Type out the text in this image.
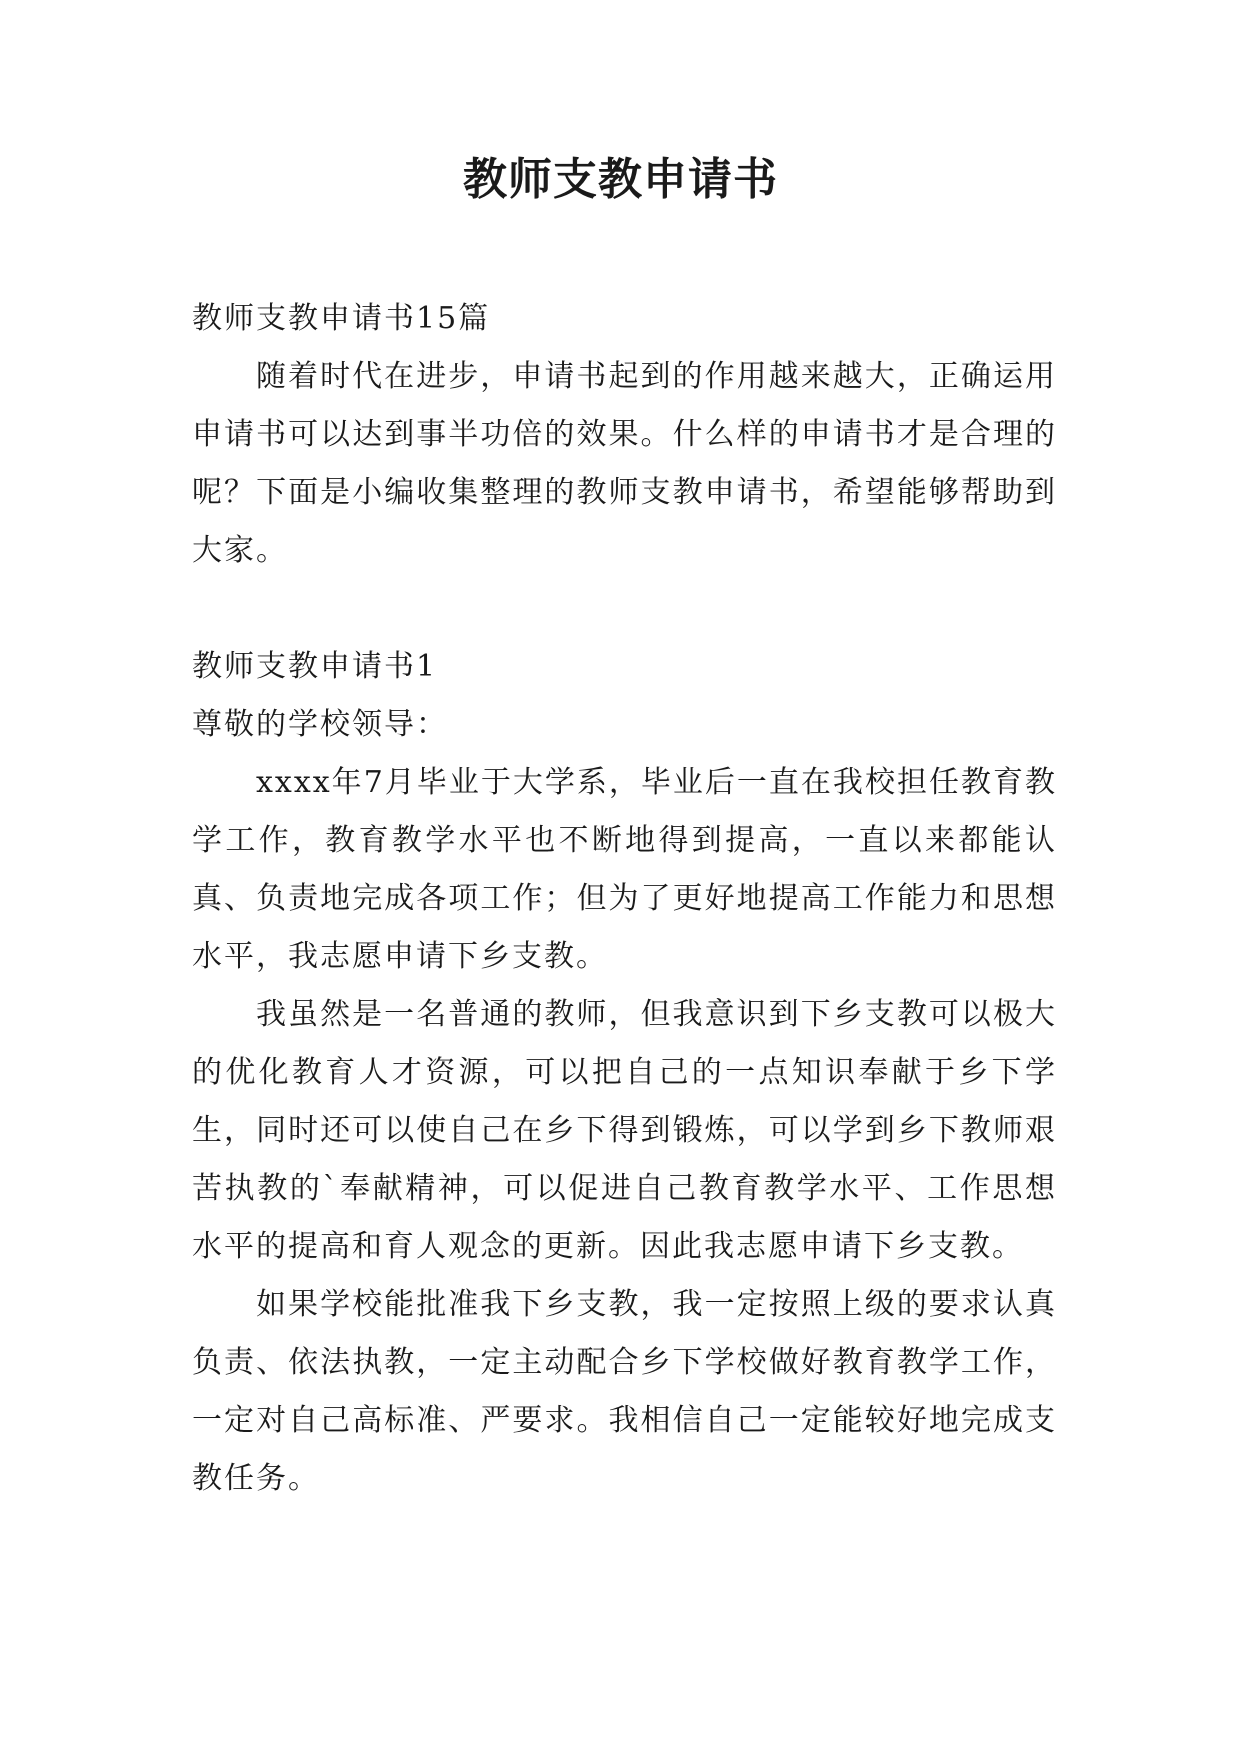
教师支教申请书

教师支教申请书15篇

随着时代在进步，申请书起到的作用越来越大，正确运用申请书可以达到事半功倍的效果。什么样的申请书才是合理的呢？下面是小编收集整理的教师支教申请书，希望能够帮助到大家。

教师支教申请书1

尊敬的学校领导：

xxxx年7月毕业于大学系，毕业后一直在我校担任教育教学工作，教育教学水平也不断地得到提高，一直以来都能认真、负责地完成各项工作；但为了更好地提高工作能力和思想水平，我志愿申请下乡支教。

我虽然是一名普通的教师，但我意识到下乡支教可以极大的优化教育人才资源，可以把自己的一点知识奉献于乡下学生，同时还可以使自己在乡下得到锻炼，可以学到乡下教师艰苦执教的`奉献精神，可以促进自己教育教学水平、工作思想水平的提高和育人观念的更新。因此我志愿申请下乡支教。

如果学校能批准我下乡支教，我一定按照上级的要求认真负责、依法执教，一定主动配合乡下学校做好教育教学工作，一定对自己高标准、严要求。我相信自己一定能较好地完成支教任务。
